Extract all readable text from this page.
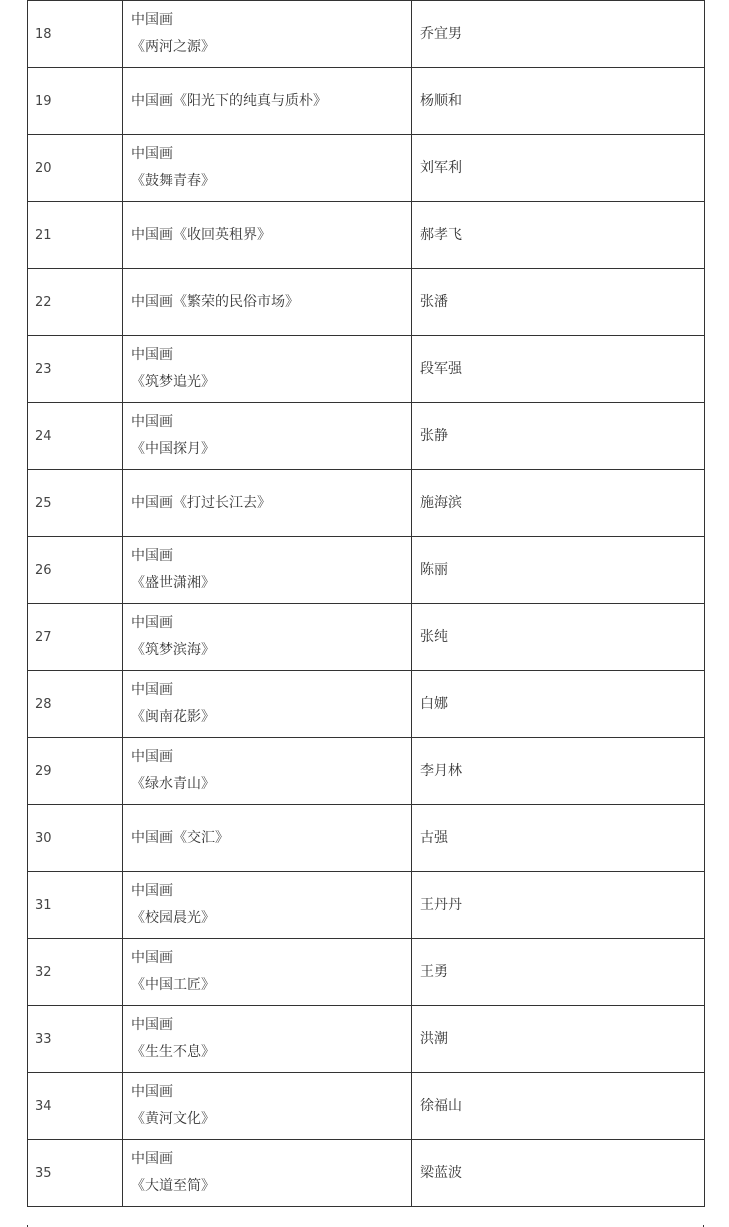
18	中国画
《两河之源》	乔宜男
19	中国画《阳光下的纯真与质朴》	杨顺和
20	中国画
《鼓舞青春》	刘军利
21	中国画《收回英租界》	郝孝飞
22	中国画《繁荣的民俗市场》	张潘
23	中国画
《筑梦追光》	段军强
24	中国画
《中国探月》	张静
25	中国画《打过长江去》	施海滨
26	中国画
《盛世潇湘》	陈丽
27	中国画
《筑梦滨海》	张纯
28	中国画
《闽南花影》	白娜
29	中国画
《绿水青山》	李月林
30	中国画《交汇》	古强
31	中国画
《校园晨光》	王丹丹
32	中国画
《中国工匠》	王勇
33	中国画
《生生不息》	洪潮
34	中国画
《黄河文化》	徐福山
35	中国画
《大道至简》	梁蓝波
